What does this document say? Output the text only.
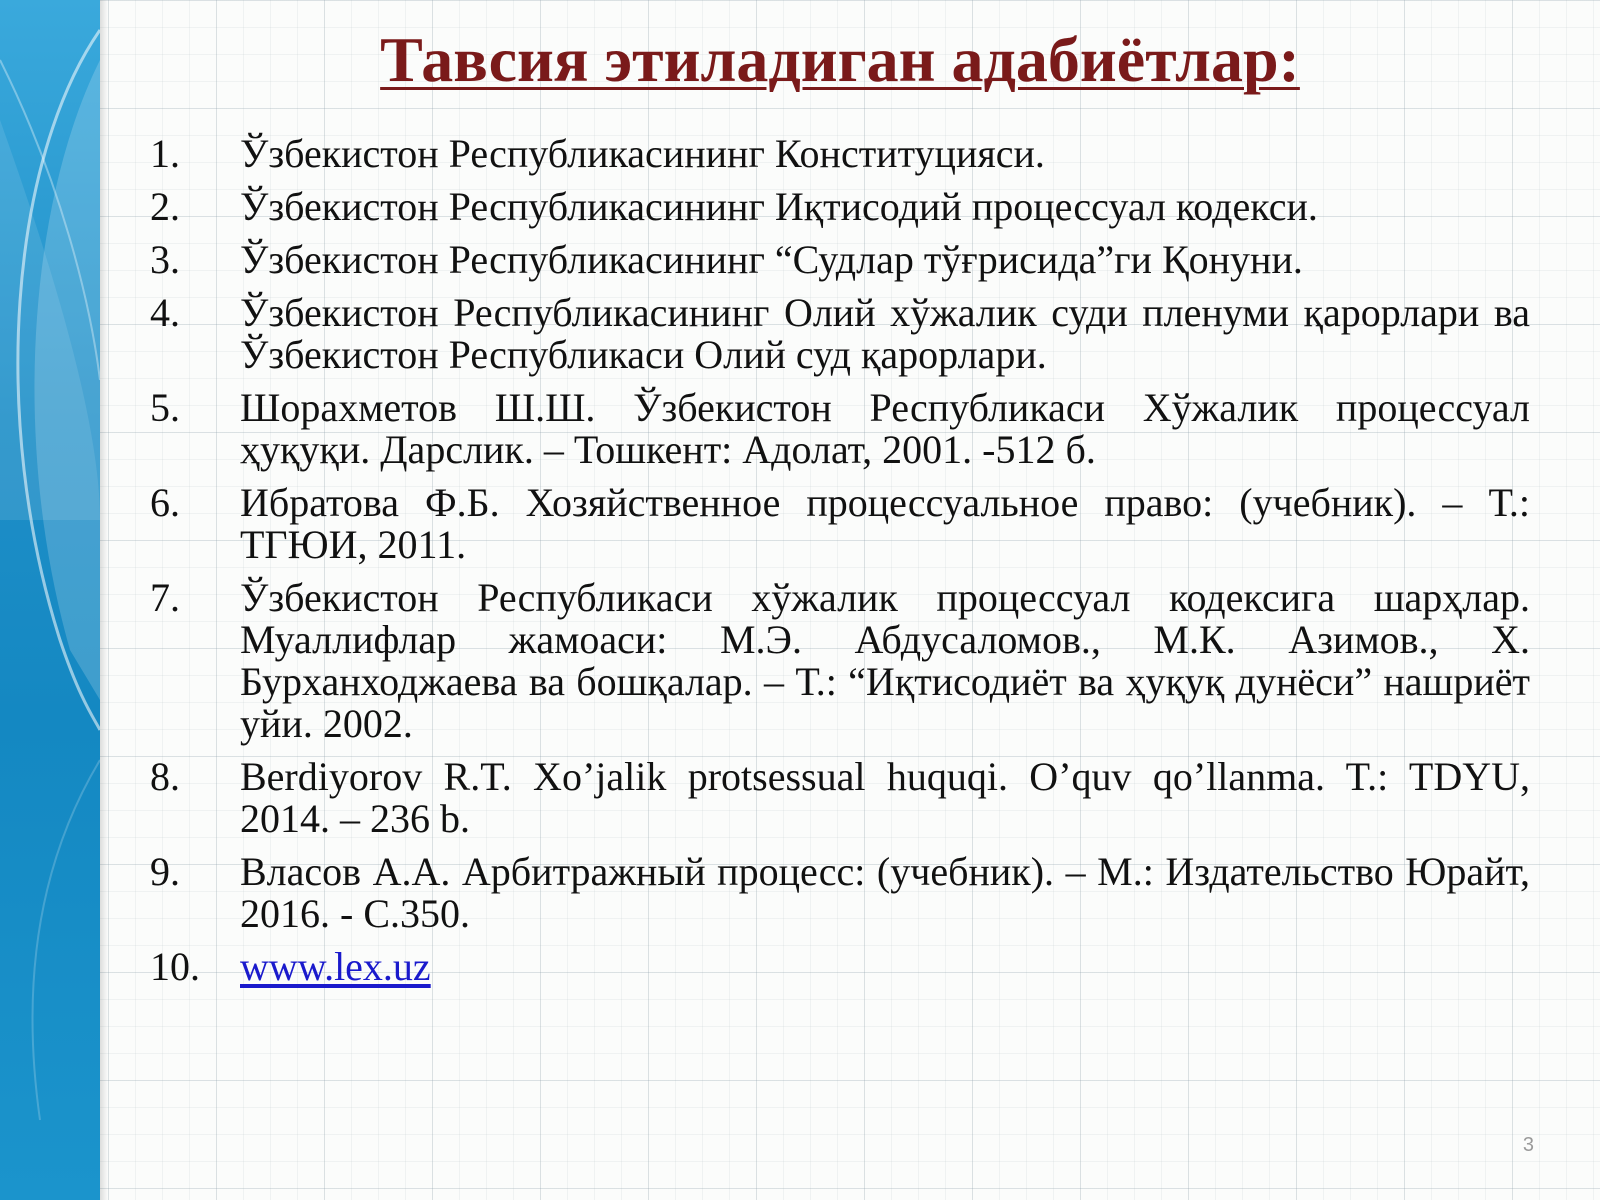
Тавсия этиладиган адабиётлар:
1. Ўзбекистон Республикасининг Конституцияси.
2. Ўзбекистон Республикасининг Иқтисодий процессуал кодекси.
3. Ўзбекистон Республикасининг “Судлар тўғрисида”ги Қонуни.
4. Ўзбекистон Республикасининг Олий хўжалик суди пленуми қарорлари ва Ўзбекистон Республикаси Олий суд қарорлари.
5. Шорахметов Ш.Ш. Ўзбекистон Республикаси Хўжалик процессуал ҳуқуқи. Дарслик. – Тошкент: Адолат, 2001. -512 б.
6. Ибратова Ф.Б. Хозяйственное процессуальное право: (учебник). – Т.: ТГЮИ, 2011.
7. Ўзбекистон Республикаси хўжалик процессуал кодексига шарҳлар. Муаллифлар жамоаси: М.Э. Абдусаломов., М.К. Азимов., Х. Бурханходжаева ва бошқалар. – Т.: “Иқтисодиёт ва ҳуқуқ дунёси” нашриёт уйи. 2002.
8. Berdiyorov R.T. Xo’jalik protsessual huquqi. O’quv qo’llanma. T.: TDYU, 2014. – 236 b.
9. Власов А.А. Арбитражный процесс: (учебник). – М.: Издательство Юрайт, 2016. - С.350.
10. www.lex.uz
3
